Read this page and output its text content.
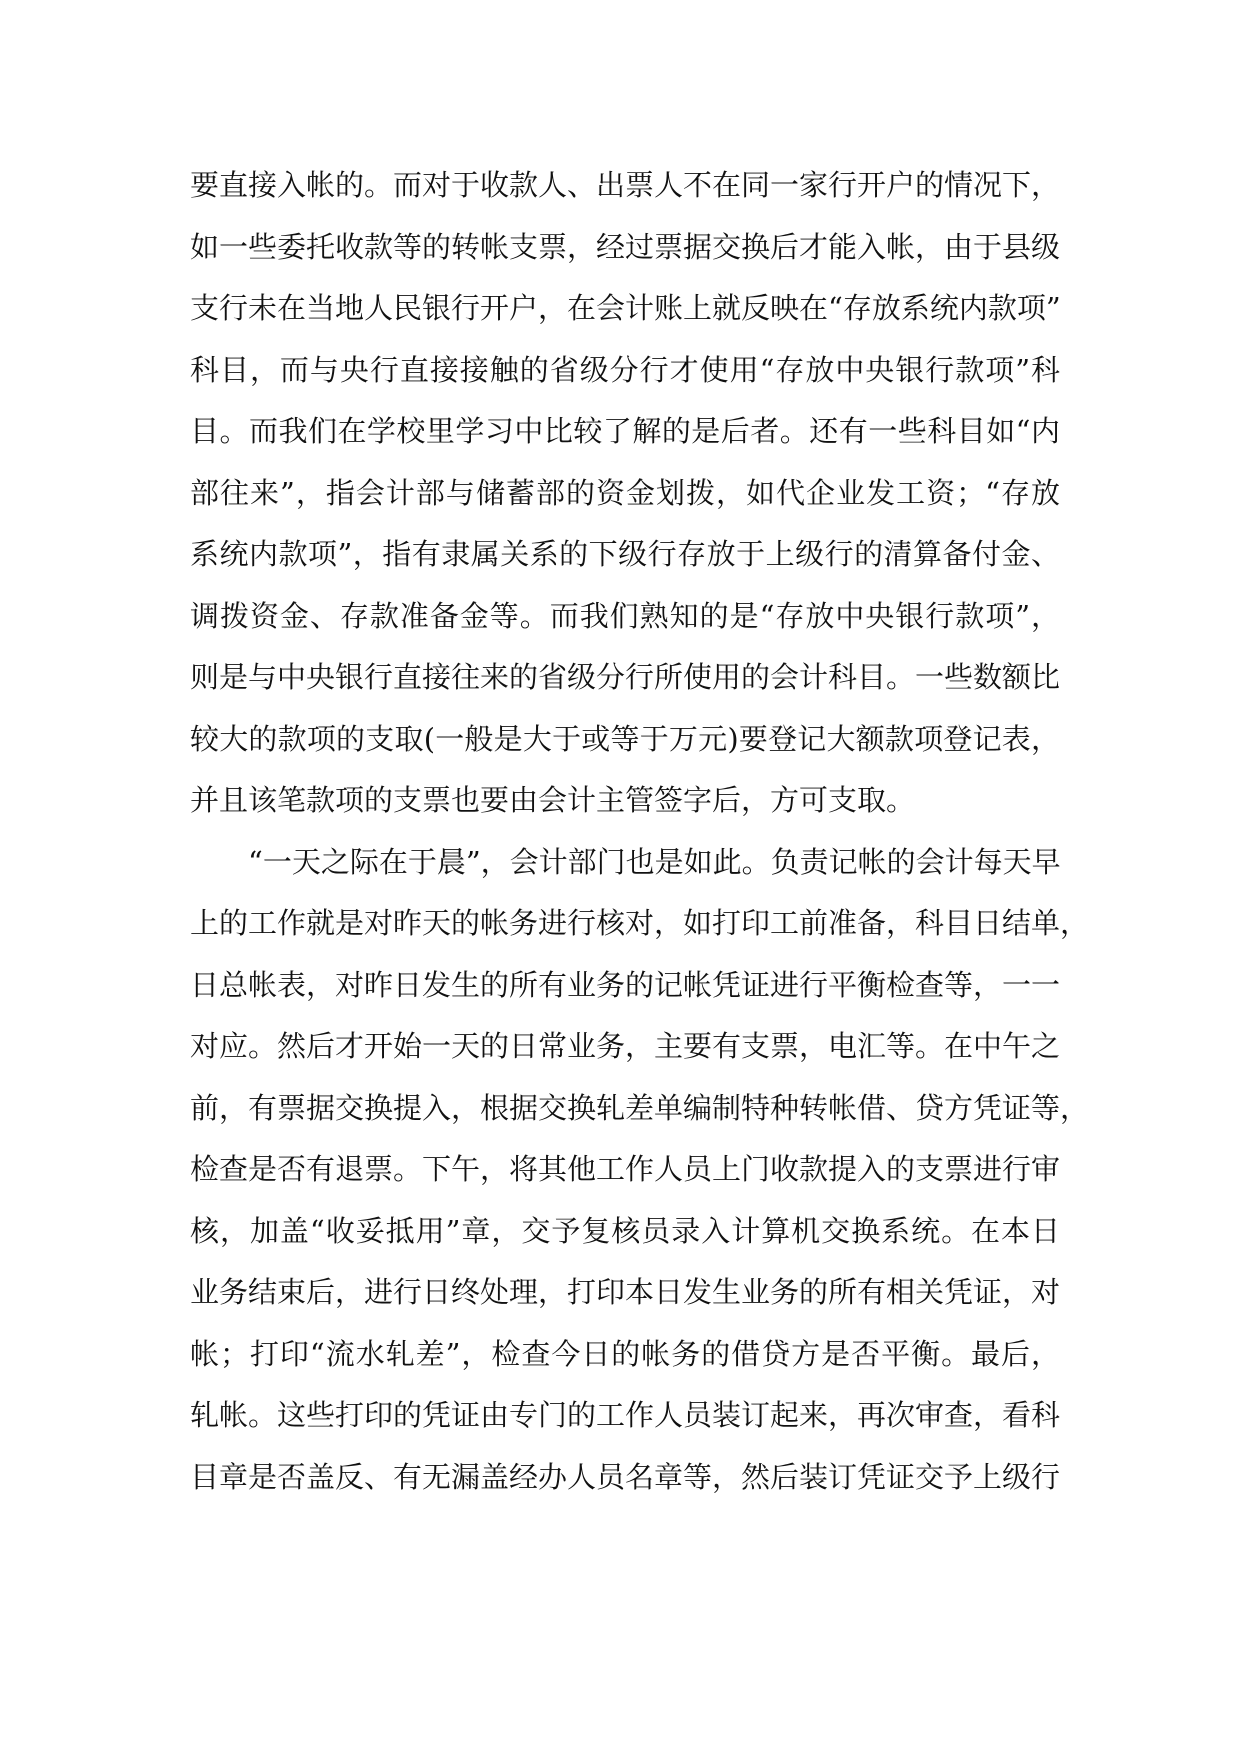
要直接入帐的。而对于收款人、出票人不在同一家行开户的情况下，
如一些委托收款等的转帐支票，经过票据交换后才能入帐，由于县级
支行未在当地人民银行开户，在会计账上就反映在“存放系统内款项”
科目，而与央行直接接触的省级分行才使用“存放中央银行款项”科
目。而我们在学校里学习中比较了解的是后者。还有一些科目如“内
部往来”，指会计部与储蓄部的资金划拨，如代企业发工资；“存放
系统内款项”，指有隶属关系的下级行存放于上级行的清算备付金、
调拨资金、存款准备金等。而我们熟知的是“存放中央银行款项”，
则是与中央银行直接往来的省级分行所使用的会计科目。一些数额比
较大的款项的支取(一般是大于或等于万元)要登记大额款项登记表，
并且该笔款项的支票也要由会计主管签字后，方可支取。
“一天之际在于晨”，会计部门也是如此。负责记帐的会计每天早
上的工作就是对昨天的帐务进行核对，如打印工前准备，科目日结单，
日总帐表，对昨日发生的所有业务的记帐凭证进行平衡检查等，一一
对应。然后才开始一天的日常业务，主要有支票，电汇等。在中午之
前，有票据交换提入，根据交换轧差单编制特种转帐借、贷方凭证等，
检查是否有退票。下午，将其他工作人员上门收款提入的支票进行审
核，加盖“收妥抵用”章，交予复核员录入计算机交换系统。在本日
业务结束后，进行日终处理，打印本日发生业务的所有相关凭证，对
帐；打印“流水轧差”，检查今日的帐务的借贷方是否平衡。最后，
轧帐。这些打印的凭证由专门的工作人员装订起来，再次审查，看科
目章是否盖反、有无漏盖经办人员名章等，然后装订凭证交予上级行
